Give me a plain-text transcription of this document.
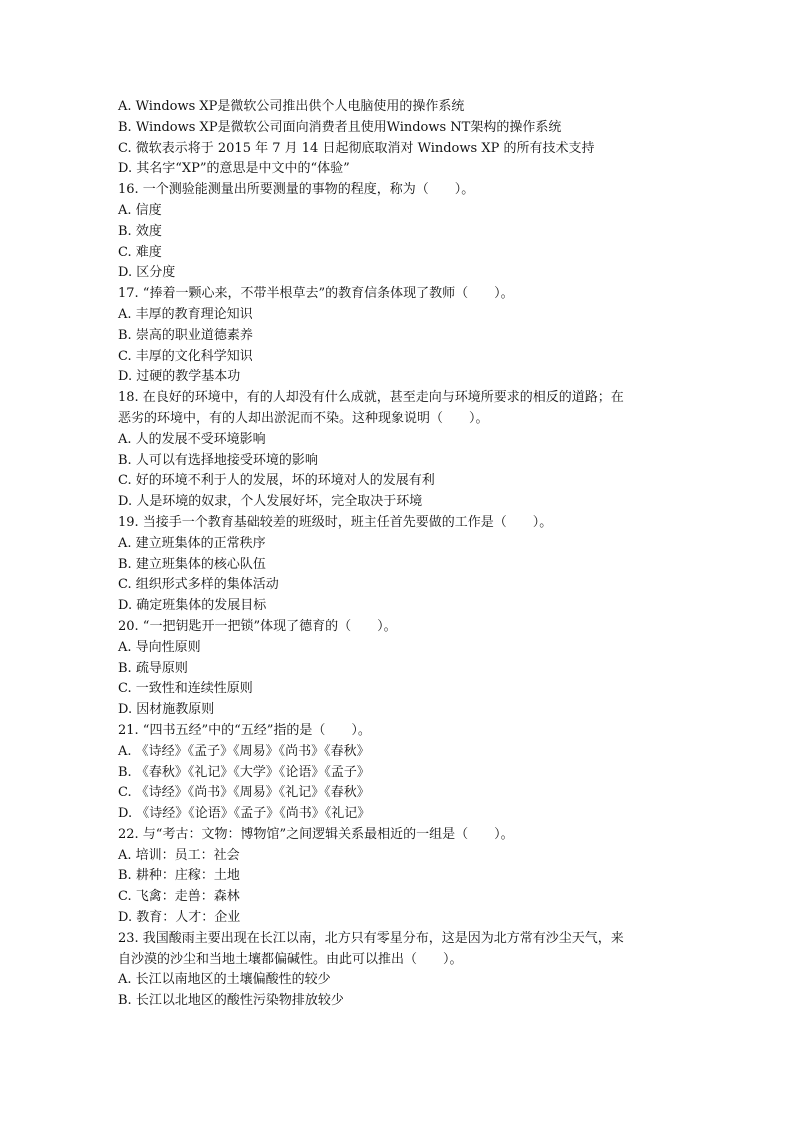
A. Windows XP是微软公司推出供个人电脑使用的操作系统
B. Windows XP是微软公司面向消费者且使用Windows NT架构的操作系统
C. 微软表示将于 2015 年 7 月 14 日起彻底取消对 Windows XP 的所有技术支持
D. 其名字“XP”的意思是中文中的“体验”
16. 一个测验能测量出所要测量的事物的程度，称为（　　）。
A. 信度
B. 效度
C. 难度
D. 区分度
17. “捧着一颗心来，不带半根草去”的教育信条体现了教师（　　）。
A. 丰厚的教育理论知识
B. 崇高的职业道德素养
C. 丰厚的文化科学知识
D. 过硬的教学基本功
18. 在良好的环境中，有的人却没有什么成就，甚至走向与环境所要求的相反的道路；在
恶劣的环境中，有的人却出淤泥而不染。这种现象说明（　　）。
A. 人的发展不受环境影响
B. 人可以有选择地接受环境的影响
C. 好的环境不利于人的发展，坏的环境对人的发展有利
D. 人是环境的奴隶，个人发展好坏，完全取决于环境
19. 当接手一个教育基础较差的班级时，班主任首先要做的工作是（　　）。
A. 建立班集体的正常秩序
B. 建立班集体的核心队伍
C. 组织形式多样的集体活动
D. 确定班集体的发展目标
20. “一把钥匙开一把锁”体现了德育的（　　）。
A. 导向性原则
B. 疏导原则
C. 一致性和连续性原则
D. 因材施教原则
21. “四书五经”中的“五经”指的是（　　）。
A. 《诗经》《孟子》《周易》《尚书》《春秋》
B. 《春秋》《礼记》《大学》《论语》《孟子》
C. 《诗经》《尚书》《周易》《礼记》《春秋》
D. 《诗经》《论语》《孟子》《尚书》《礼记》
22. 与“考古：文物：博物馆”之间逻辑关系最相近的一组是（　　）。
A. 培训：员工：社会
B. 耕种：庄稼：土地
C. 飞禽：走兽：森林
D. 教育：人才：企业
23. 我国酸雨主要出现在长江以南，北方只有零星分布，这是因为北方常有沙尘天气，来
自沙漠的沙尘和当地土壤都偏碱性。由此可以推出（　　）。
A. 长江以南地区的土壤偏酸性的较少
B. 长江以北地区的酸性污染物排放较少
